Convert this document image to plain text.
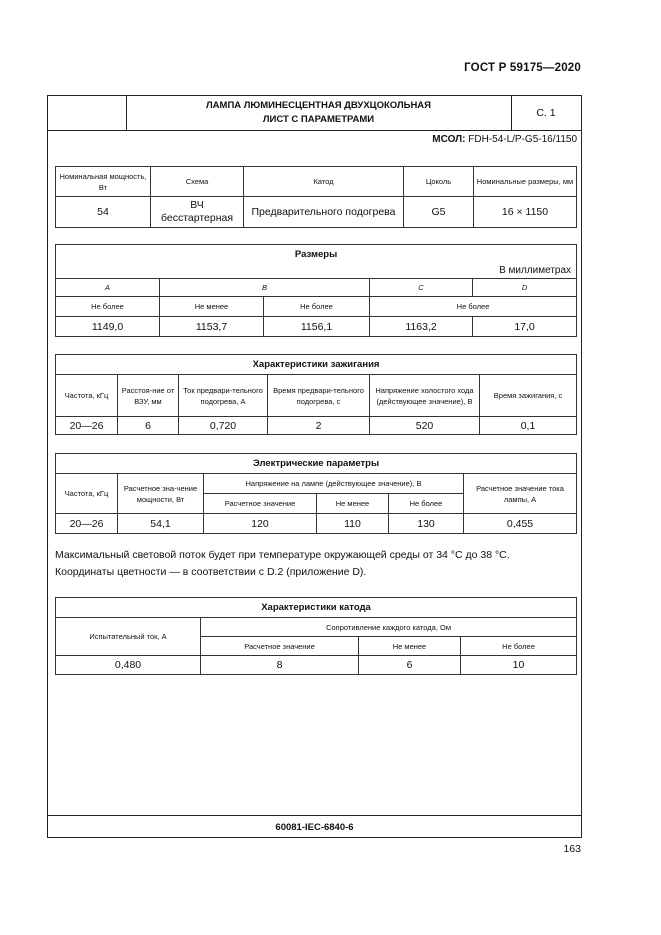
ГОСТ Р 59175—2020
ЛАМПА ЛЮМИНЕСЦЕНТНАЯ ДВУХЦОКОЛЬНАЯ
ЛИСТ С ПАРАМЕТРАМИ
С. 1
МСОЛ: FDH-54-L/P-G5-16/1150
Номинальная мощность, Вт	Схема	Катод	Цоколь	Номинальные размеры, мм
54	ВЧ бесстартерная	Предварительного подогрева	G5	16 × 1150
Размеры				
В миллиметрах				
A	B		C	D
Не более	Не менее	Не более	Не более	
1149,0	1153,7	1156,1	1163,2	17,0
Характеристики зажигания					
Частота, кГц	Расстоя-ние от ВЗУ, мм	Ток предвари-тельного подогрева, А	Время предвари-тельного подогрева, с	Напряжение холостого хода (действующее значение), В	Время зажигания, с
20—26	6	0,720	2	520	0,1
Электрические параметры					
Частота, кГц	Расчетное зна-чение мощности, Вт	Напряжение на лампе (действующее значение), В			Расчетное значение тока лампы, А
		Расчетное значение	Не менее	Не более	
20—26	54,1	120	110	130	0,455
Максимальный световой поток будет при температуре окружающей среды от 34 °С до 38 °С.
Координаты цветности — в соответствии с D.2 (приложение D).
Характеристики катода			
Испытательный ток, А	Сопротивление каждого катода, Ом		
	Расчетное значение	Не менее	Не более
0,480	8	6	10
60081-IEC-6840-6
163
